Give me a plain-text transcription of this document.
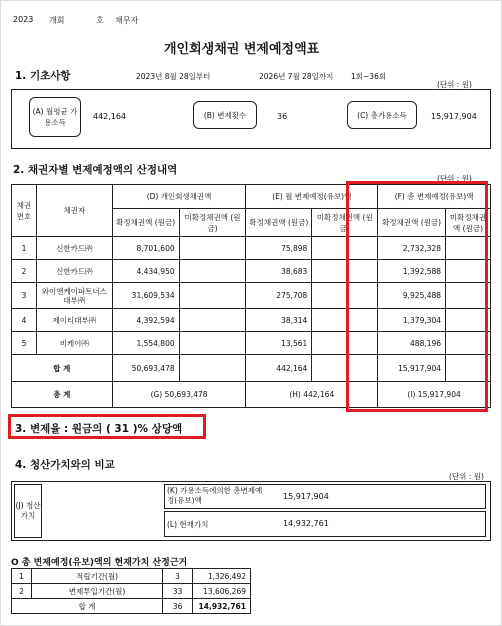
2023 개회	호 채무자
개인회생채권 변제예정액표
1. 기초사항	2023년 8월 28일부터	2026년 7월 28일까지 1회~36회
(단위 : 원)
(A) 월평균 가용소득
442,164	(B) 변제횟수	36	(C) 총가용소득	15,917,904
2. 채권자별 변제예정액의 산정내역
(단위 : 원)
채권 번호	채권자	(D) 개인회생채권액		(E) 월 변제예정(유보)액		(F) 총 변제예정(유보)액	
		확정채권액 (원금)	미확정채권액 (원금)	확정채권액 (원금)	미확정채권액 (원금)	확정채권액 (원금)	미확정채권액 (원금)
1	신한카드㈜	8,701,600		75,898		2,732,328	
2	신한카드㈜	4,434,950		38,683		1,392,588	
3	와이앤케이파트너스대부㈜	31,609,534		275,708		9,925,488	
4	제이티대부㈜	4,392,594		38,314		1,379,304	
5	비케이㈜	1,554,800		13,561		488,196	
합 계		50,693,478		442,164		15,917,904	
총 계		(G) 50,693,478		(H) 442,164		(I) 15,917,904	
3. 변제율 : 원금의 ( 31 )% 상당액
4. 청산가치와의 비교
(단위 : 원)
(J) 청산 가치
(K) 가용소득에의한 총변제예정(유보)액	15,917,904
(L) 현재가치	14,932,761
O 총 변제예정(유보)액의 현재가치 산정근거
1	적립기간(월)	3	1,326,492
2	변제투입기간(월)	33	13,606,269
합 계		36	14,932,761
